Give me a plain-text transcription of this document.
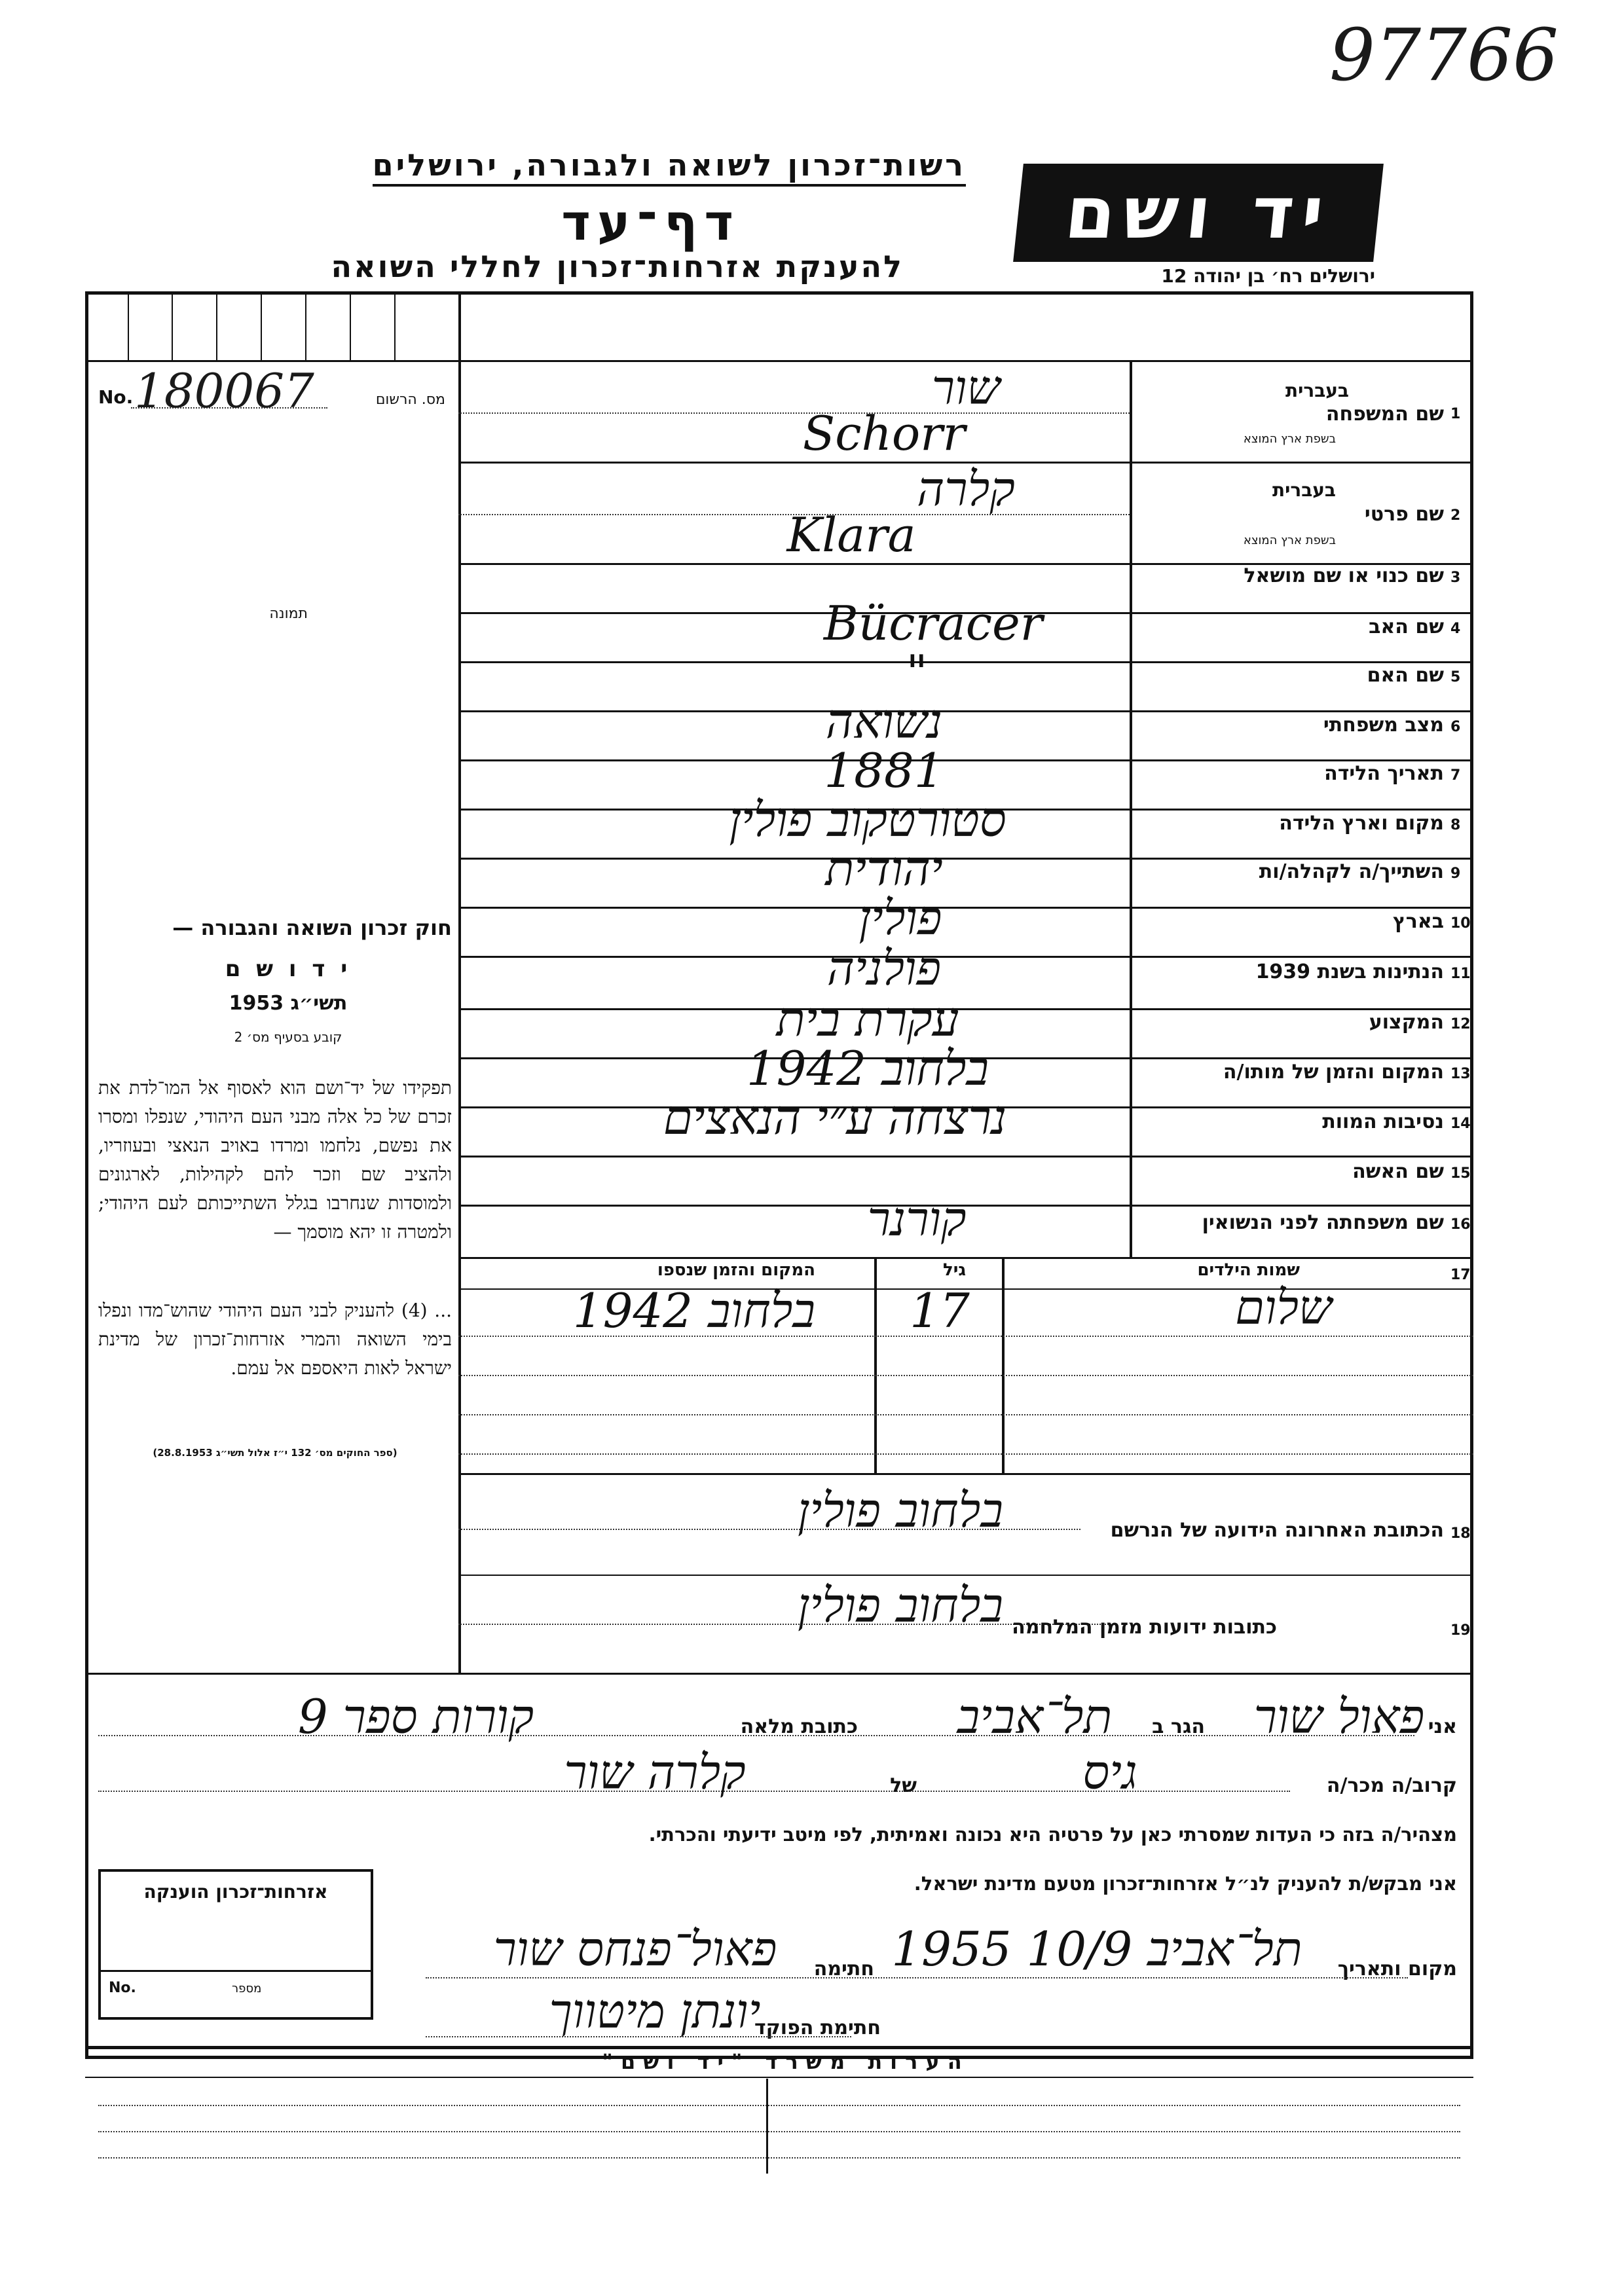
97766
רשות־זכרון לשואה ולגבורה, ירושלים
דף־עד
להענקת אזרחות־זכרון לחללי השואה
יד ושם
ירושלים רח׳ בן יהודה 12
No. 180067	מס. הרשום
תמונה
חוק זכרון השואה והגבורה —
י ד ו ש ם
תשי״ג 1953
קובע בסעיף מס׳ 2
תפקידו של יד־ושם הוא לאסוף אל המו־לדת את זכרם של כל אלה מבני העם היהודי, שנפלו ומסרו את נפשם, נלחמו ומרדו באויב הנאצי ובעוזריו, ולהציב שם וזכר להם לקהילות, לארגונים ולמוסדות שנחרבו בגלל השתייכותם לעם היהודי; ולמטרה זו יהא מוסמך —
... (4) להעניק לבני העם היהודי שהוש־מדו ונפלו בימי השואה והמרי אזרחות־זכרון של מדינת ישראל לאות היאספם אל עמם.
(ספר החוקים מס׳ 132 י״ז אלול תשי״ג 28.8.1953)
1
שם המשפחה
בעברית
בשפת ארץ המוצא
שור
Schorr
2
שם פרטי
בעברית
בשפת ארץ המוצא
קלרה
Klara
3
שם כנוי או שם מושאל
4
שם האב
Bücracer
5
שם האם
"
6
מצב משפחתי
נשואה
7
תאריך הלידה
1881
8
מקום וארץ הלידה
סטורטקוב פולין
9
השתייך/ה לקהלה/ות
יהודית
10
בארץ
פולין
11
הנתינות בשנת 1939
פולניה
12
המקצוע
עקרת בית
13
המקום והזמן של מותו/ה
בלחוב 1942
14
נסיבות המוות
נרצחה ע״י הנאצים
15
שם האשה
16
שם משפחתה לפני הנשואין
קורנר
17
שמות הילדים
גיל
המקום והזמן שנספו
שלום
17
בלחוב 1942
18
הכתובת האחרונה הידועה של הנרשם
בלחוב פולין
19
כתובות ידועות מזמן המלחמה
בלחוב פולין
אני
פאול שור
הגר ב
תל־אביב
כתובת מלאה
קורות ספר 9
קרוב/ה מכר/ה
גיס
של
קלרה שור
מצהיר/ה בזה כי העדות שמסרתי כאן על פרטיה היא נכונה ואמיתית, לפי מיטב ידיעתי והכרתי.
אני מבקש/ת להעניק לנ״ל אזרחות־זכרון מטעם מדינת ישראל.
מקום ותאריך
תל־אביב 10/9 1955
חתימה
פאול־פנחס שור
חתימת הפוקד
יונתן מיטווך
אזרחות־זכרון הוענקה
No.	מספר
הערות משרד "יד ושם"
